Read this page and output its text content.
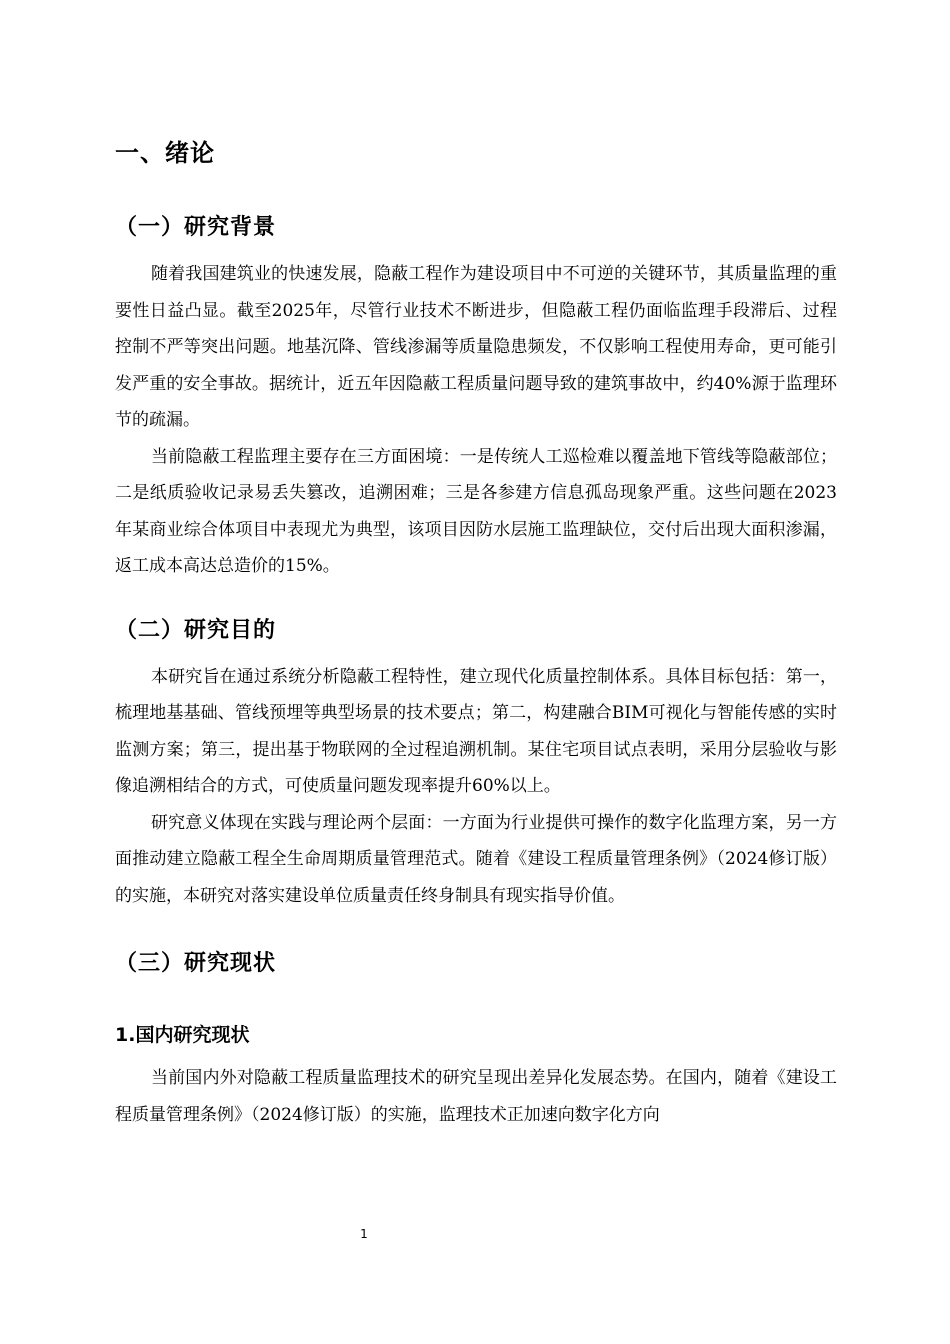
一、绪论
（一）研究背景

随着我国建筑业的快速发展，隐蔽工程作为建设项目中不可逆的关键环节，其质量监理的重要性日益凸显。截至2025年，尽管行业技术不断进步，但隐蔽工程仍面临监理手段滞后、过程控制不严等突出问题。地基沉降、管线渗漏等质量隐患频发，不仅影响工程使用寿命，更可能引发严重的安全事故。据统计，近五年因隐蔽工程质量问题导致的建筑事故中，约40%源于监理环节的疏漏。

当前隐蔽工程监理主要存在三方面困境：一是传统人工巡检难以覆盖地下管线等隐蔽部位；二是纸质验收记录易丢失篡改，追溯困难；三是各参建方信息孤岛现象严重。这些问题在2023年某商业综合体项目中表现尤为典型，该项目因防水层施工监理缺位，交付后出现大面积渗漏，返工成本高达总造价的15%。

（二）研究目的

本研究旨在通过系统分析隐蔽工程特性，建立现代化质量控制体系。具体目标包括：第一，梳理地基基础、管线预埋等典型场景的技术要点；第二，构建融合BIM可视化与智能传感的实时监测方案；第三，提出基于物联网的全过程追溯机制。某住宅项目试点表明，采用分层验收与影像追溯相结合的方式，可使质量问题发现率提升60%以上。

研究意义体现在实践与理论两个层面：一方面为行业提供可操作的数字化监理方案，另一方面推动建立隐蔽工程全生命周期质量管理范式。随着《建设工程质量管理条例》（2024修订版）的实施，本研究对落实建设单位质量责任终身制具有现实指导价值。

（三）研究现状
1.国内研究现状

当前国内外对隐蔽工程质量监理技术的研究呈现出差异化发展态势。在国内，随着《建设工程质量管理条例》（2024修订版）的实施，监理技术正加速向数字化方向

1
